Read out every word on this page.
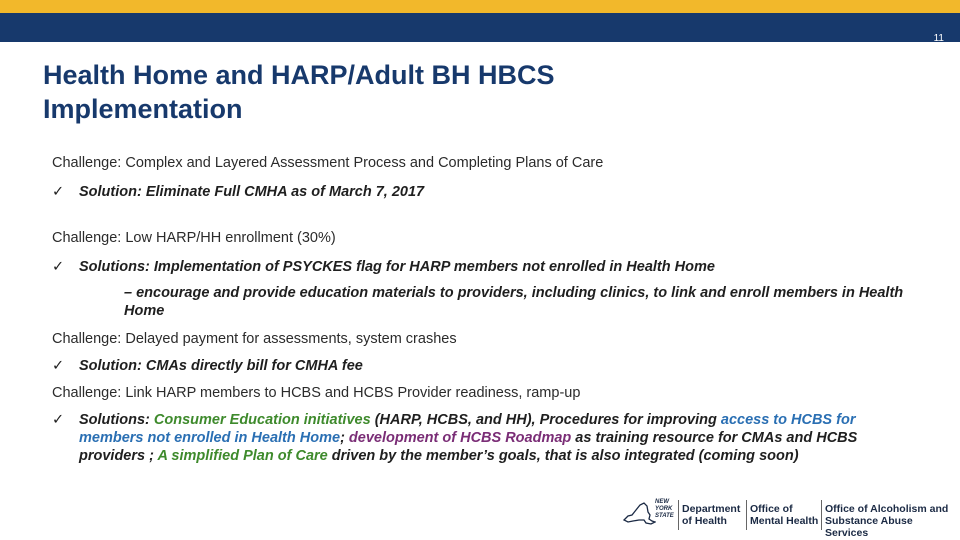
11
Health Home and HARP/Adult BH HBCS
Implementation

Challenge: Complex and Layered Assessment Process and Completing Plans of Care

✓ Solution: Eliminate Full CMHA as of March 7, 2017

Challenge: Low HARP/HH enrollment (30%)

✓ Solutions: Implementation of PSYCKES flag for HARP members not enrolled in Health Home

– encourage and provide education materials to providers, including clinics, to link and enroll members in Health Home

Challenge: Delayed payment for assessments, system crashes

✓ Solution: CMAs directly bill for CMHA fee

Challenge: Link HARP members to HCBS and HCBS Provider readiness, ramp-up

✓ Solutions: Consumer Education initiatives (HARP, HCBS, and HH), Procedures for improving access to HCBS for members not enrolled in Health Home; development of HCBS Roadmap as training resource for CMAs and HCBS providers ; A simplified Plan of Care driven by the member’s goals, that is also integrated (coming soon)

NEW
YORK
STATE
Department
of Health
Office of
Mental Health
Office of Alcoholism and
Substance Abuse Services
